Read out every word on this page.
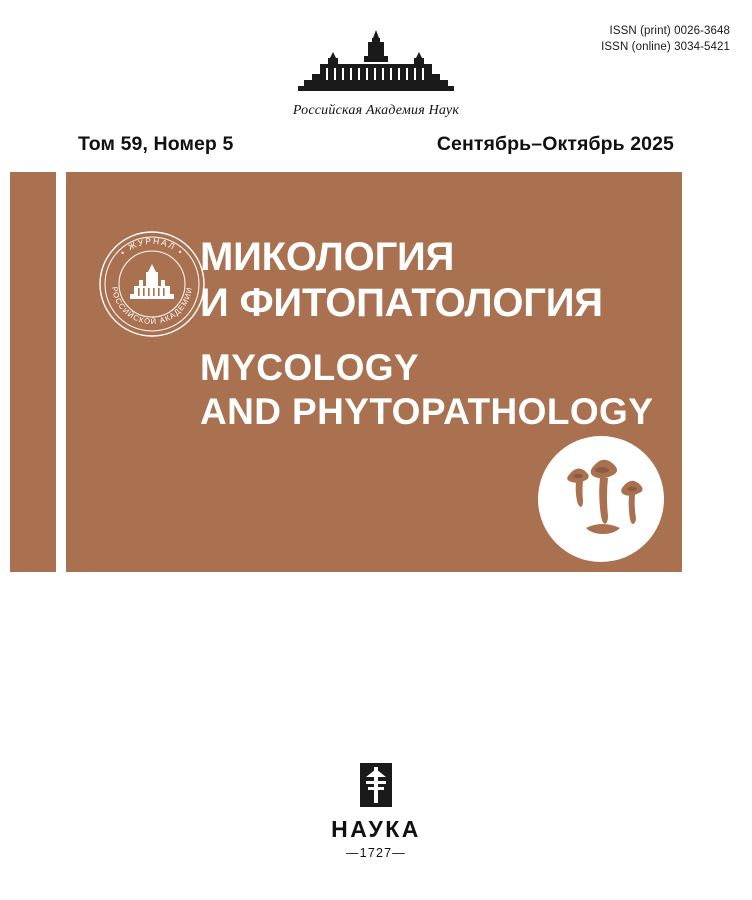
ISSN (print) 0026-3648
ISSN (online) 3034-5421
Российская Академия Наук
Том 59, Номер 5	Сентябрь–Октябрь 2025
• ЖУРНАЛ •
РОССИЙСКОЙ АКАДЕМИИ
МИКОЛОГИЯ
И ФИТОПАТОЛОГИЯ
MYCOLOGY
AND PHYTOPATHOLOGY
НАУКА
—1727—
